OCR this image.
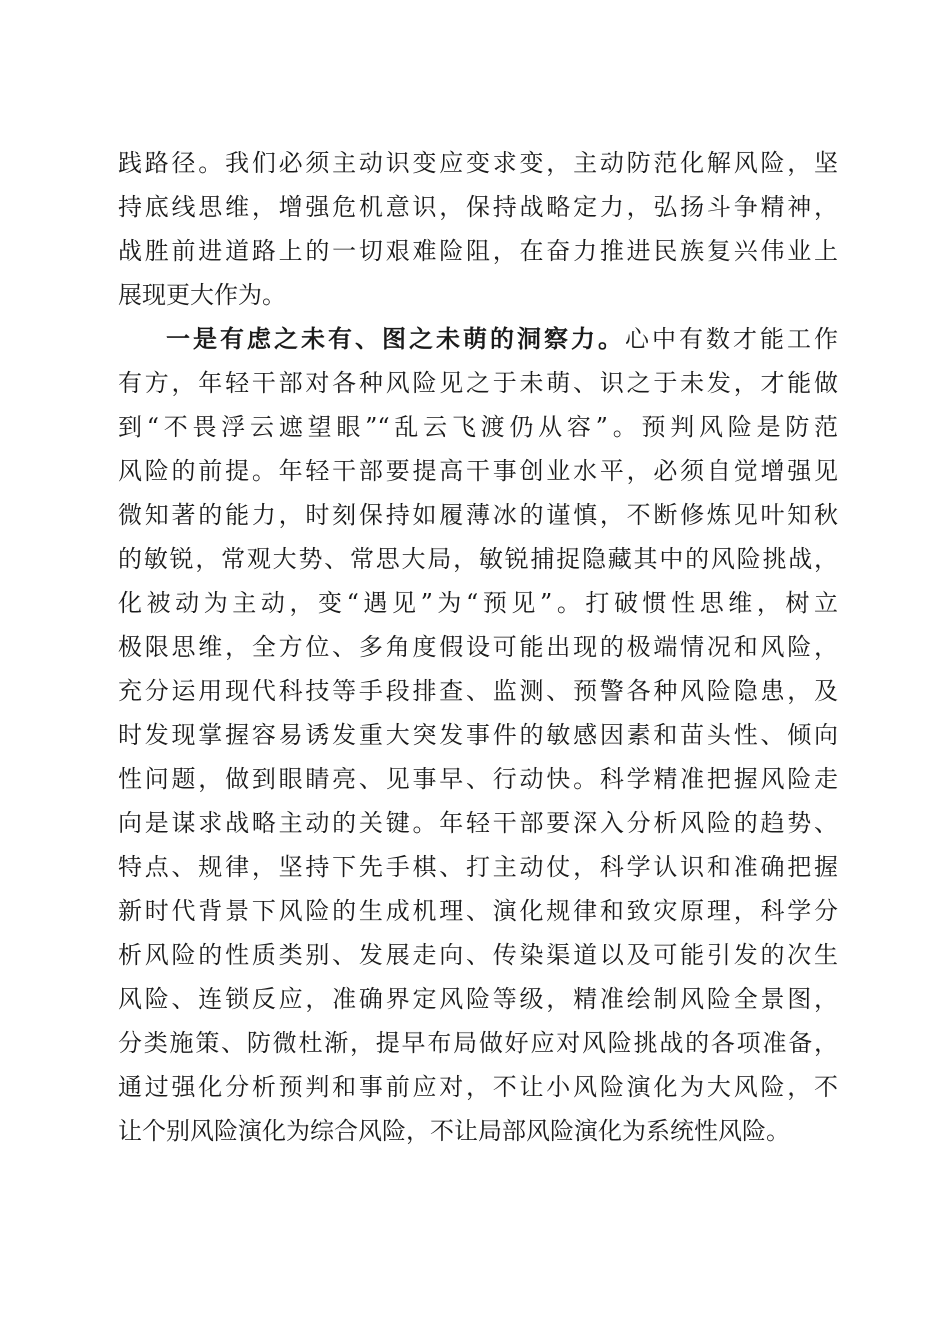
践路径。我们必须主动识变应变求变，主动防范化解风险，坚
持底线思维，增强危机意识，保持战略定力，弘扬斗争精神，
战胜前进道路上的一切艰难险阻，在奋力推进民族复兴伟业上
展现更大作为。
一是有虑之未有、图之未萌的洞察力。心中有数才能工作
有方，年轻干部对各种风险见之于未萌、识之于未发，才能做
到“不畏浮云遮望眼”“乱云飞渡仍从容”。预判风险是防范
风险的前提。年轻干部要提高干事创业水平，必须自觉增强见
微知著的能力，时刻保持如履薄冰的谨慎，不断修炼见叶知秋
的敏锐，常观大势、常思大局，敏锐捕捉隐藏其中的风险挑战，
化被动为主动，变“遇见”为“预见”。打破惯性思维，树立
极限思维，全方位、多角度假设可能出现的极端情况和风险，
充分运用现代科技等手段排查、监测、预警各种风险隐患，及
时发现掌握容易诱发重大突发事件的敏感因素和苗头性、倾向
性问题，做到眼睛亮、见事早、行动快。科学精准把握风险走
向是谋求战略主动的关键。年轻干部要深入分析风险的趋势、
特点、规律，坚持下先手棋、打主动仗，科学认识和准确把握
新时代背景下风险的生成机理、演化规律和致灾原理，科学分
析风险的性质类别、发展走向、传染渠道以及可能引发的次生
风险、连锁反应，准确界定风险等级，精准绘制风险全景图，
分类施策、防微杜渐，提早布局做好应对风险挑战的各项准备，
通过强化分析预判和事前应对，不让小风险演化为大风险，不
让个别风险演化为综合风险，不让局部风险演化为系统性风险。
